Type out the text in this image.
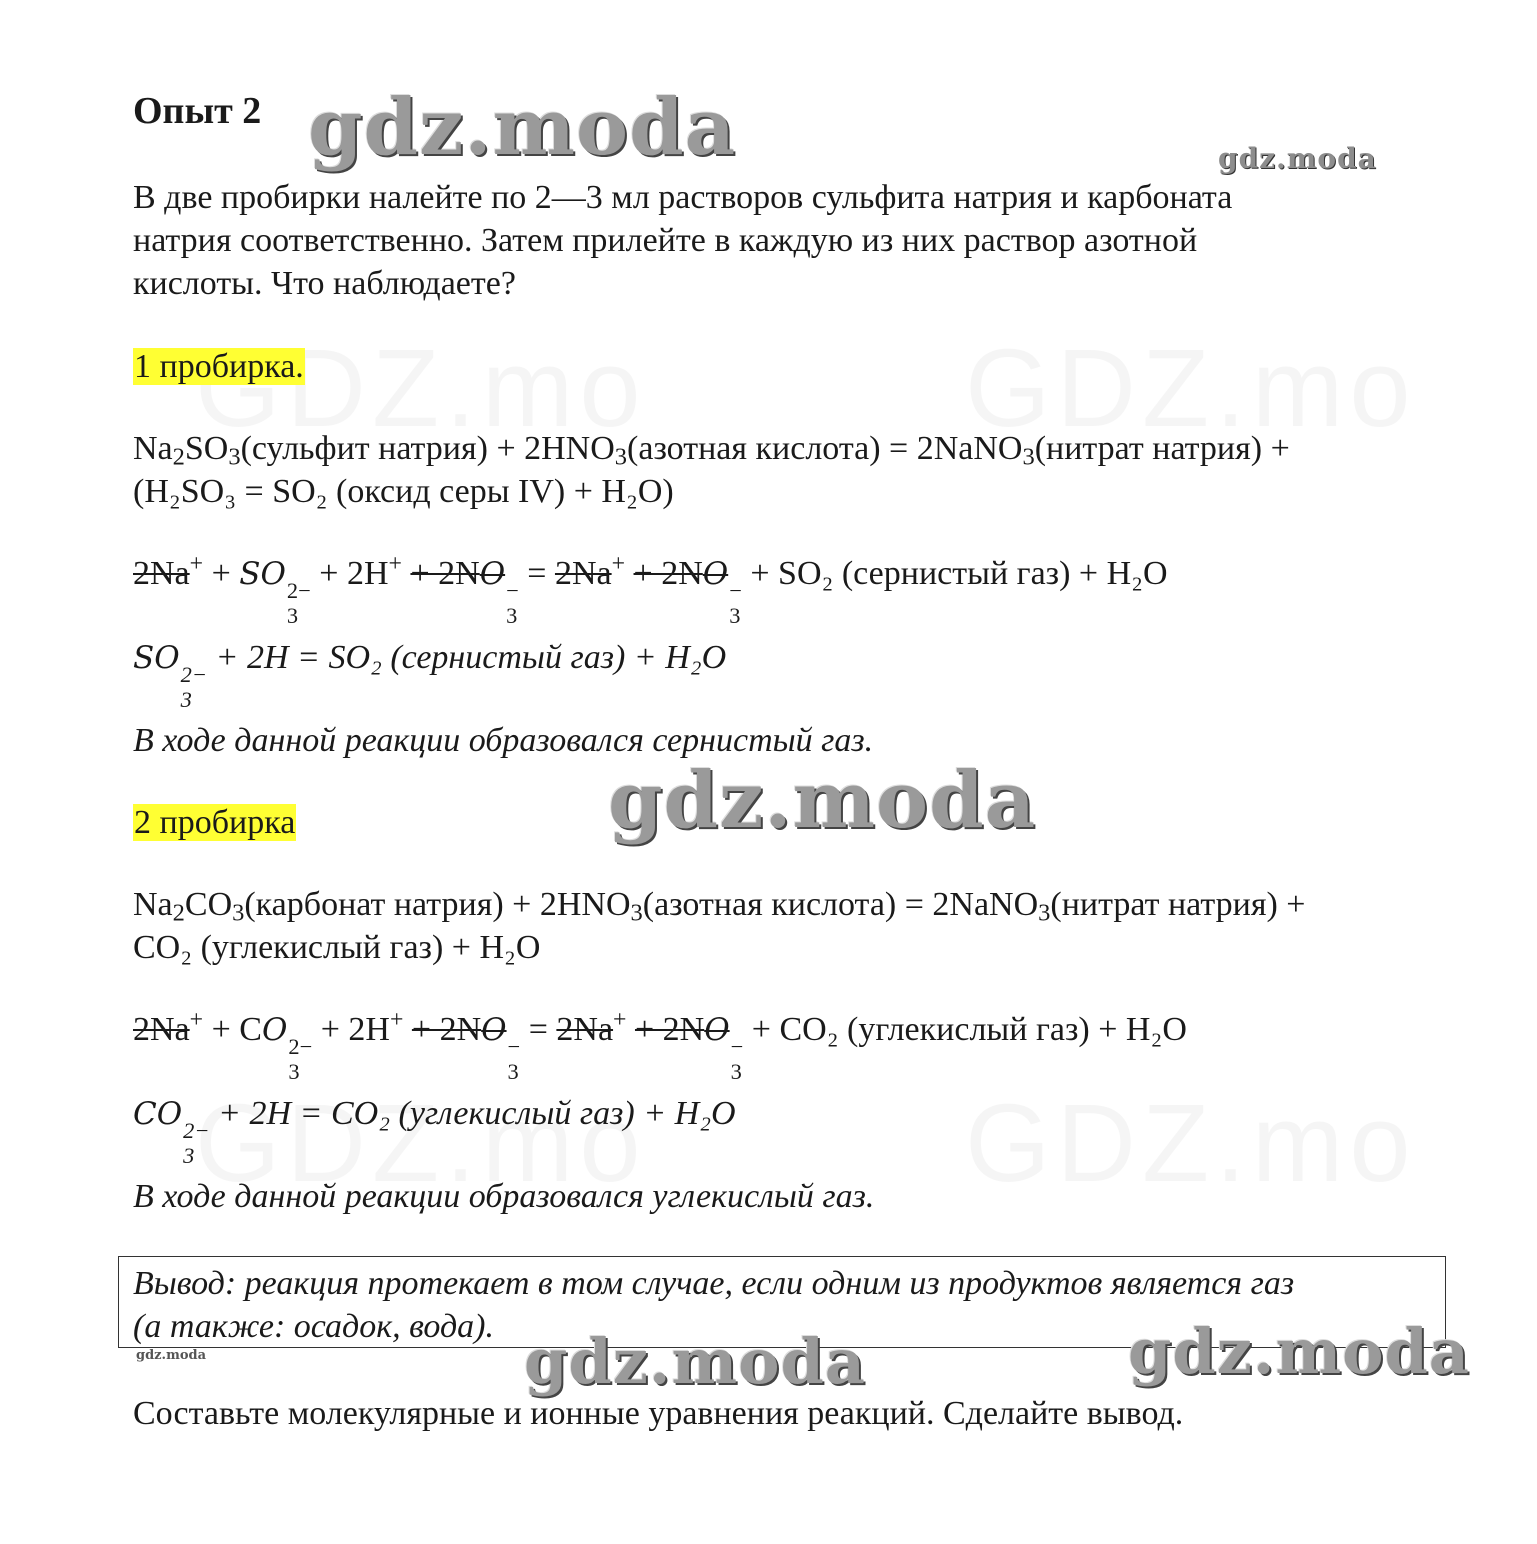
Опыт 2
В две пробирки налейте по 2—3 мл растворов сульфита натрия и карбоната
натрия соответственно. Затем прилейте в каждую из них раствор азотной
кислоты. Что наблюдаете?
1 пробирка.
$Na_2SO_3(сульфит$ натрия) + $2HNO_3(азотная$ кислота) = 2NaNO$_3$(нитрат натрия) +
(H₂SO₃ = SO₂ (оксид серы IV) + H₂O)
2Na+ + SO 2−
3
+ 2H+ + 2NO −
3
= 2Na+ + 2NO −
3
+ SO₂ (сернистый газ) + H₂O
SO 2−
3
+ 2H = SO₂ (сернистый газ) + H₂O
В ходе данной реакции образовался сернистый газ.
2 пробирка
$Na_2CO_3(карбонат$ натрия) + $2HNO_3(азотная$ кислота) = 2NaNO$_3$(нитрат натрия) +
CO₂ (углекислый газ) + H₂O
2Na+ + CO 2−
3
+ 2H+ + 2NO −
3
= 2Na+ + 2NO −
3
+ CO₂ (углекислый газ) + H₂O
CO 2−
3
+ 2H = CO₂ (углекислый газ) + H₂O
В ходе данной реакции образовался углекислый газ.
Вывод: реакция протекает в том случае, если одним из продуктов является газ
(а также: осадок, вода).
Составьте молекулярные и ионные уравнения реакций. Сделайте вывод.
gdz.moda	gdz.moda
gdz.moda
gdz.moda	gdz.moda	gdz.moda
